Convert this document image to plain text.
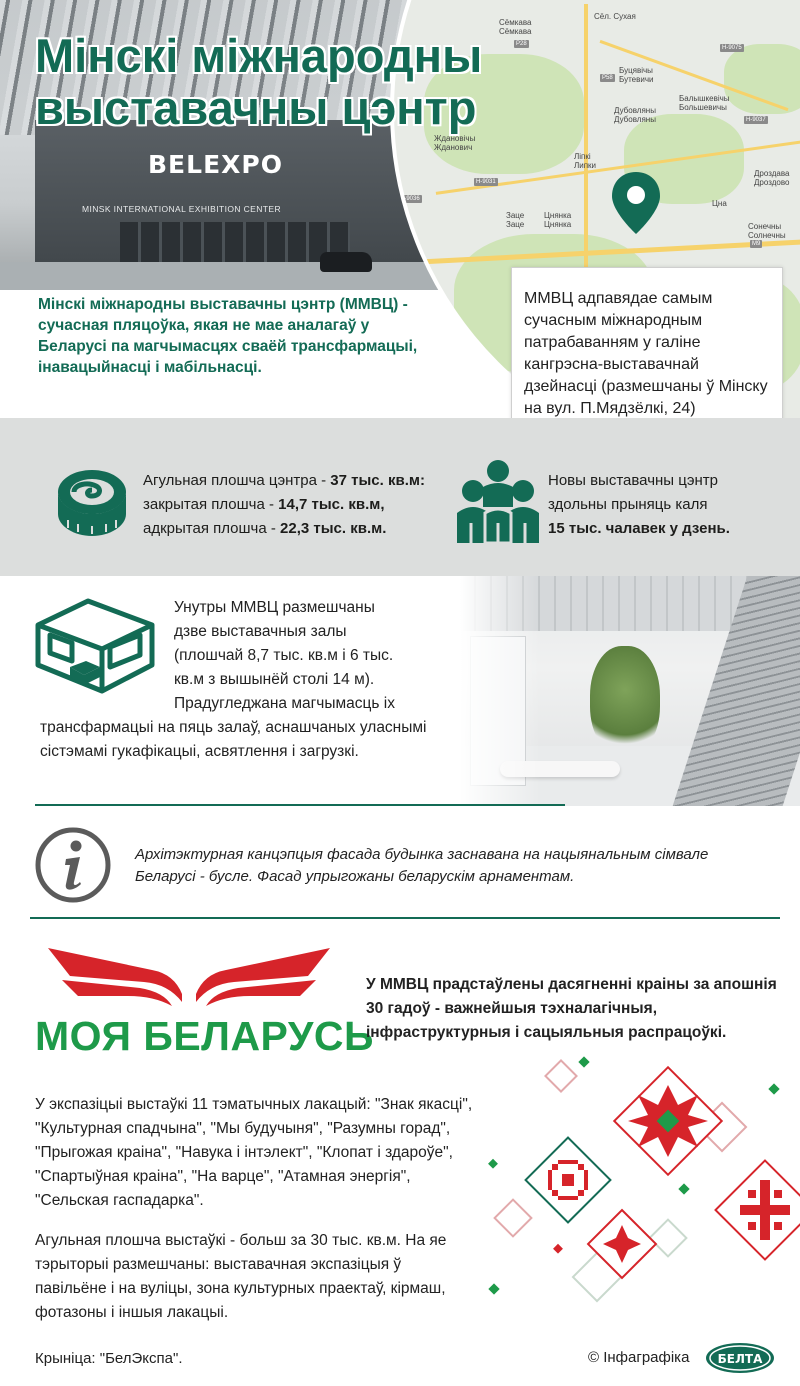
BELEXPO
MINSK INTERNATIONAL EXHIBITION CENTER
Сёмкава
Сёмкава
Ждановічы
Жданович
Буцявічы
Бутевичи
Балышкевічы
Большевичы
Дубовляны
Дубовляны
Цнянка
Цнянка
Заце
Заце
Ліпкі
Липки
Цна
Дроздава
Дроздово
Сонечны
Солнечны
Сёл. Сухая
Р28
Н-9075
Н-9037
Н-9031
Н-9036
М9
Р58
Мінскі міжнародны
выставачны цэнтр
Мінскі міжнародны выставачны цэнтр (ММВЦ) - сучасная пляцоўка, якая не мае аналагаў у Беларусі па магчымасцях сваёй трансфармацыі, інавацыйнасці і мабільнасці.
ММВЦ адпавядае самым сучасным міжнародным патрабаванням у галіне кангрэсна-выставачнай дзейнасці (размешчаны ў Мінску на вул. П.Мядзёлкі, 24)
Агульная плошча цэнтра - 37 тыс. кв.м:
закрытая плошча - 14,7 тыс. кв.м,
адкрытая плошча - 22,3 тыс. кв.м.
Новы выставачны цэнтр
здольны прыняць каля
15 тыс. чалавек у дзень.
Унутры ММВЦ размешчаны дзве выставачныя залы (плошчай 8,7 тыс. кв.м і 6 тыс. кв.м з вышынёй столі 14 м). Прадугледжана магчымасць іх
трансфармацыі на пяць залаў, аснашчаных уласнымі сістэмамі гукафікацыі, асвятлення і загрузкі.
Архітэктурная канцэпцыя фасада будынка заснавана на нацыянальным сімвале Беларусі - бусле. Фасад упрыгожаны беларускім арнаментам.
МОЯ БЕЛАРУСЬ
У ММВЦ прадстаўлены дасягненні краіны за апошнія 30 гадоў - важнейшыя тэхналагічныя, інфраструктурныя і сацыяльныя распрацоўкі.
У экспазіцыі выстаўкі 11 тэматычных лакацый: "Знак якасці", "Культурная спадчына", "Мы будучыня", "Разумны горад", "Прыгожая краіна", "Навука і інтэлект", "Клопат і здароўе", "Спартыўная краіна", "На варце", "Атамная энергія", "Сельская гаспадарка".
Агульная плошча выстаўкі - больш за 30 тыс. кв.м. На яе тэрыторыі размешчаны: выставачная экспазіцыя ў павільёне і на вуліцы, зона культурных праектаў, кірмаш, фотазоны і іншыя лакацыі.
Крыніца: "БелЭкспа".	© Інфаграфіка БЕЛТА
